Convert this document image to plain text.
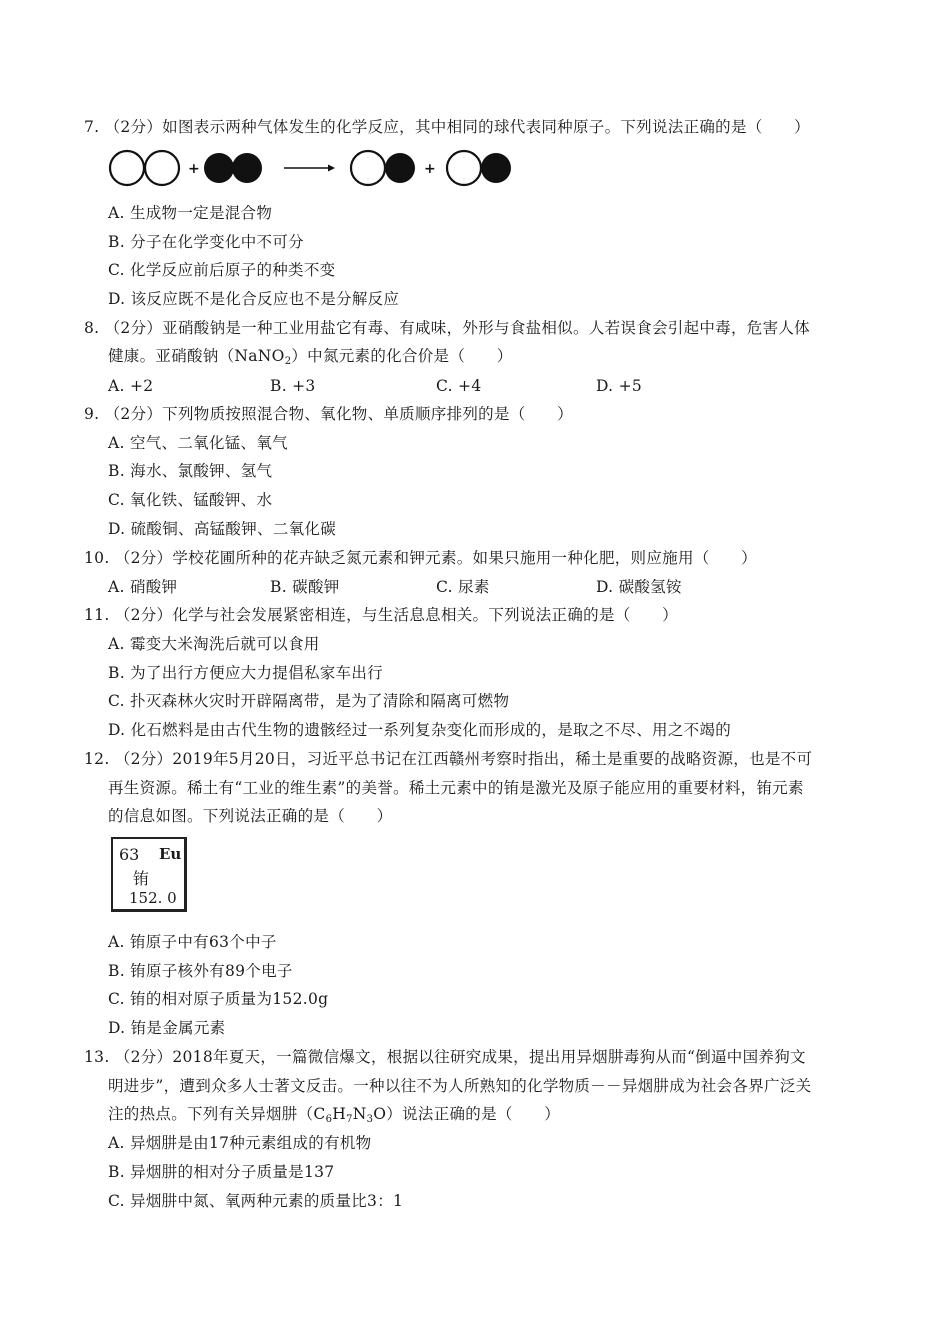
7. （2分）如图表示两种气体发生的化学反应，其中相同的球代表同种原子。下列说法正确的是（　　）
+	+
A. 生成物一定是混合物
B. 分子在化学变化中不可分
C. 化学反应前后原子的种类不变
D. 该反应既不是化合反应也不是分解反应
8. （2分）亚硝酸钠是一种工业用盐它有毒、有咸味，外形与食盐相似。人若误食会引起中毒，危害人体
健康。亚硝酸钠（NaNO$_2$）中氮元素的化合价是（　　）
A. +2	B. +3	C. +4	D. +5
9. （2分）下列物质按照混合物、氧化物、单质顺序排列的是（　　）
A. 空气、二氧化锰、氧气
B. 海水、氯酸钾、氢气
C. 氧化铁、锰酸钾、水
D. 硫酸铜、高锰酸钾、二氧化碳
10. （2分）学校花圃所种的花卉缺乏氮元素和钾元素。如果只施用一种化肥，则应施用（　　）
A. 硝酸钾	B. 碳酸钾	C. 尿素	D. 碳酸氢铵
11. （2分）化学与社会发展紧密相连，与生活息息相关。下列说法正确的是（　　）
A. 霉变大米淘洗后就可以食用
B. 为了出行方便应大力提倡私家车出行
C. 扑灭森林火灾时开辟隔离带，是为了清除和隔离可燃物
D. 化石燃料是由古代生物的遗骸经过一系列复杂变化而形成的，是取之不尽、用之不竭的
12. （2分）2019年5月20日，习近平总书记在江西赣州考察时指出，稀土是重要的战略资源，也是不可
再生资源。稀土有“工业的维生素”的美誉。稀土元素中的铕是激光及原子能应用的重要材料，铕元素
的信息如图。下列说法正确的是（　　）
63 Eu
铕
152. 0
A. 铕原子中有63个中子
B. 铕原子核外有89个电子
C. 铕的相对原子质量为152.0g
D. 铕是金属元素
13. （2分）2018年夏天，一篇微信爆文，根据以往研究成果，提出用异烟肼毒狗从而“倒逼中国养狗文
明进步”，遭到众多人士著文反击。一种以往不为人所熟知的化学物质－－异烟肼成为社会各界广泛关
注的热点。下列有关异烟肼$(C_6H_7N_3O)$说法正确的是（　　）
A. 异烟肼是由17种元素组成的有机物
B. 异烟肼的相对分子质量是137
C. 异烟肼中氮、氧两种元素的质量比3：1
